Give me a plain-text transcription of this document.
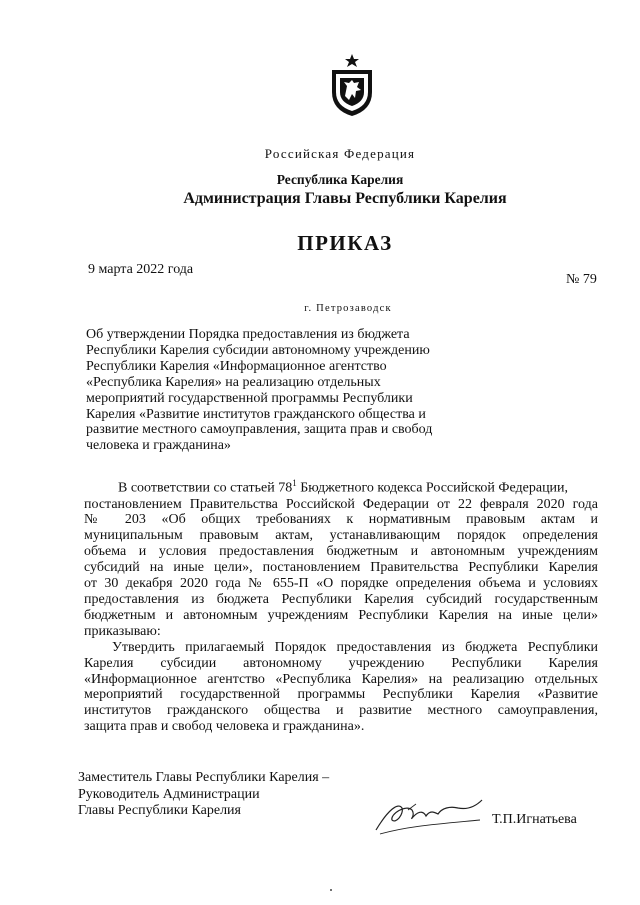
Российская Федерация
Республика Карелия
Администрация Главы Республики Карелия
ПРИКАЗ
9 марта 2022 года
№ 79
г. Петрозаводск
Об утверждении Порядка предоставления из бюджета
Республики Карелия субсидии автономному учреждению
Республики Карелия «Информационное агентство
«Республика Карелия» на реализацию отдельных
мероприятий государственной программы Республики
Карелия «Развитие институтов гражданского общества и
развитие местного самоуправления, защита прав и свобод
человека и гражданина»
В соответствии со статьей $78^1$ Бюджетного кодекса Российской Федерации,
постановлением Правительства Российской Федерации от 22 февраля 2020 года
№ 203 «Об общих требованиях к нормативным правовым актам и
муниципальным правовым актам, устанавливающим порядок определения
объема и условия предоставления бюджетным и автономным учреждениям
субсидий на иные цели», постановлением Правительства Республики Карелия
от 30 декабря 2020 года № 655-П «О порядке определения объема и условиях
предоставления из бюджета Республики Карелия субсидий государственным
бюджетным и автономным учреждениям Республики Карелия на иные цели»
приказываю:
Утвердить прилагаемый Порядок предоставления из бюджета Республики
Карелия субсидии автономному учреждению Республики Карелия
«Информационное агентство «Республика Карелия» на реализацию отдельных
мероприятий государственной программы Республики Карелия «Развитие
институтов гражданского общества и развитие местного самоуправления,
защита прав и свобод человека и гражданина».
Заместитель Главы Республики Карелия –
Руководитель Администрации
Главы Республики Карелия
Т.П.Игнатьева
